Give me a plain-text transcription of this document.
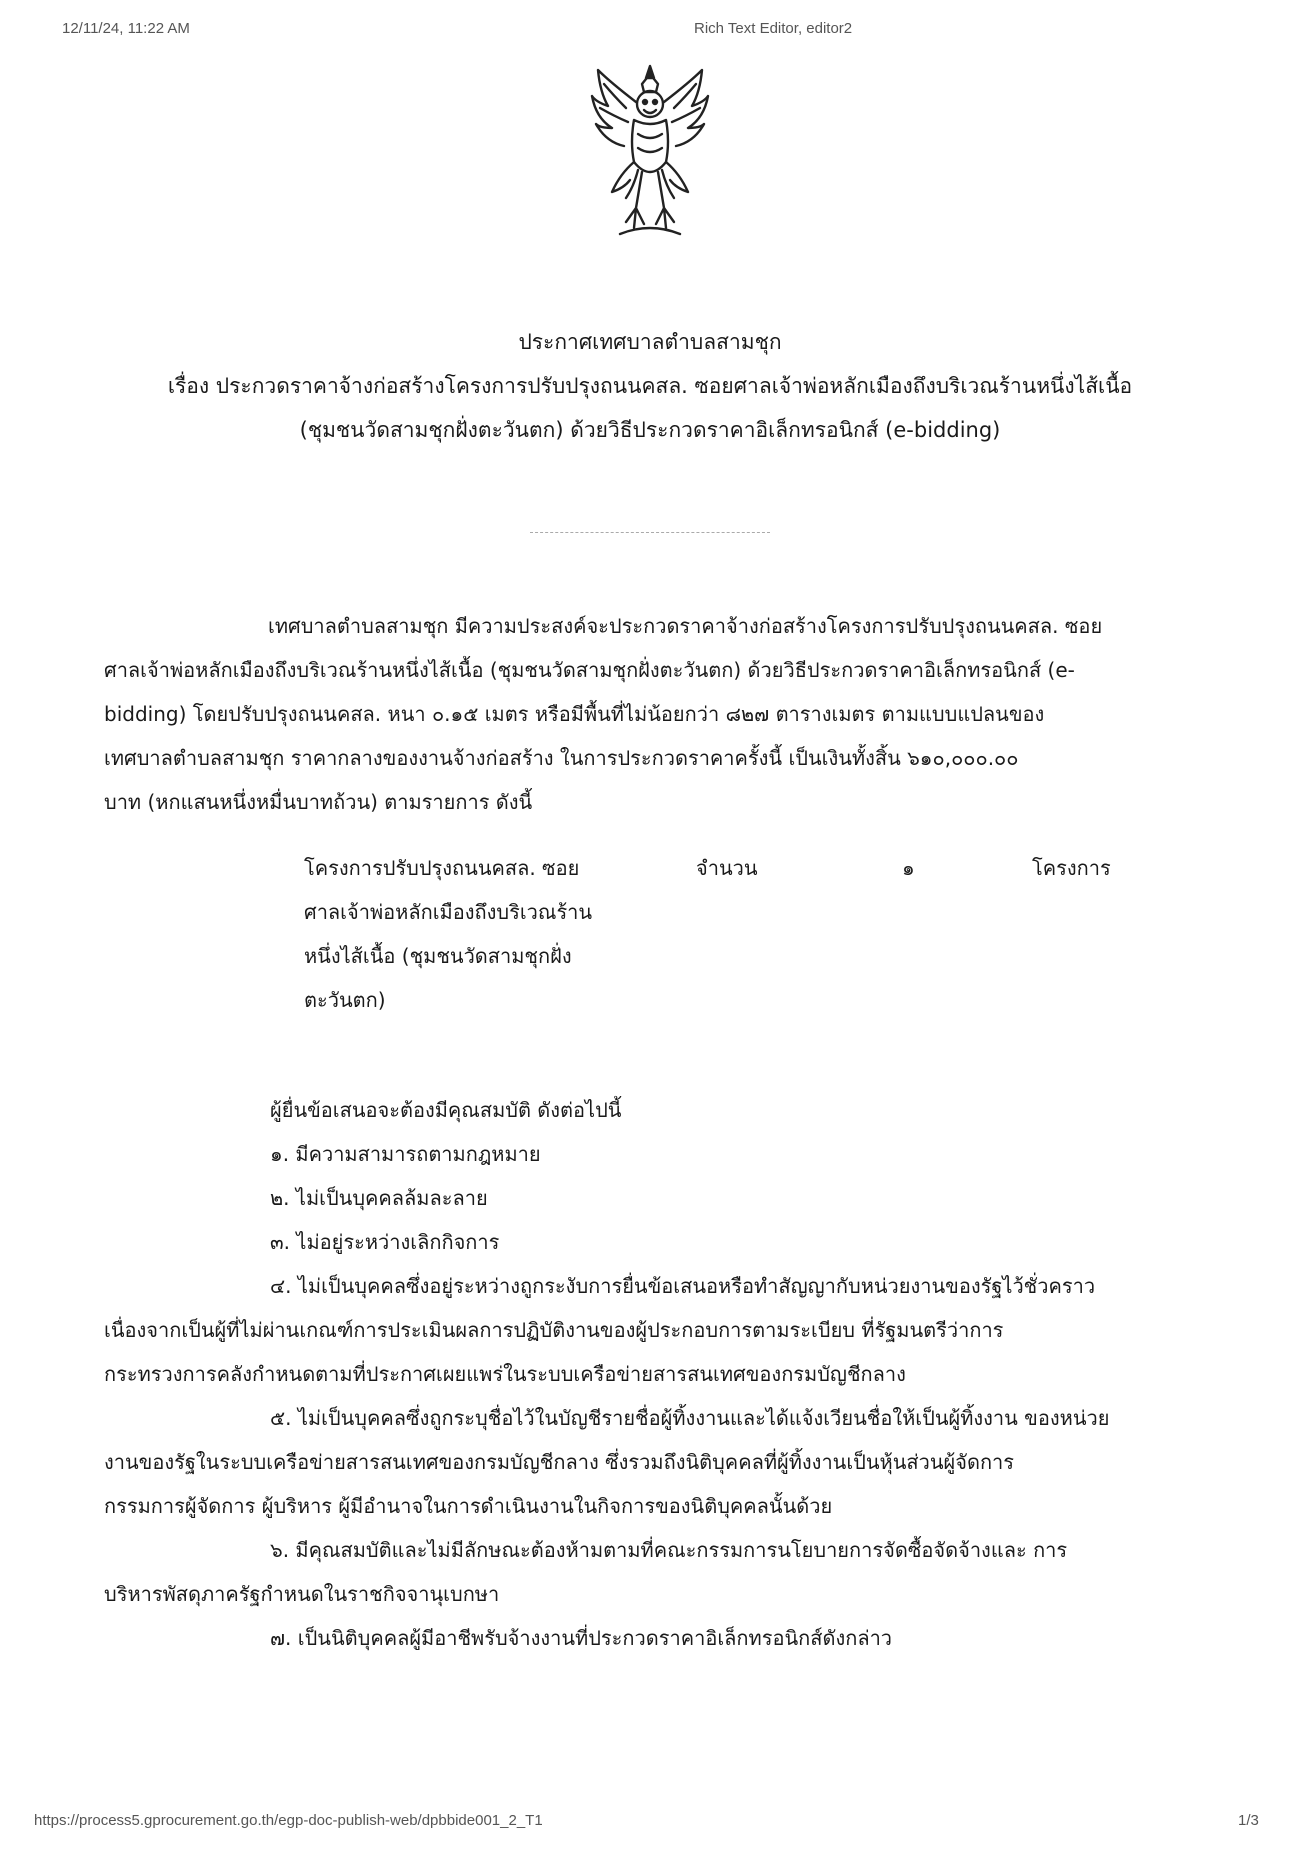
12/11/24, 11:22 AM	Rich Text Editor, editor2
ประกาศเทศบาลตำบลสามชุก
เรื่อง ประกวดราคาจ้างก่อสร้างโครงการปรับปรุงถนนคสล. ซอยศาลเจ้าพ่อหลักเมืองถึงบริเวณร้านหนึ่งไส้เนื้อ
(ชุมชนวัดสามชุกฝั่งตะวันตก) ด้วยวิธีประกวดราคาอิเล็กทรอนิกส์ (e-bidding)
เทศบาลตำบลสามชุก มีความประสงค์จะประกวดราคาจ้างก่อสร้างโครงการปรับปรุงถนนคสล. ซอย
ศาลเจ้าพ่อหลักเมืองถึงบริเวณร้านหนึ่งไส้เนื้อ (ชุมชนวัดสามชุกฝั่งตะวันตก) ด้วยวิธีประกวดราคาอิเล็กทรอนิกส์ (e-
bidding) โดยปรับปรุงถนนคสล. หนา ๐.๑๕ เมตร หรือมีพื้นที่ไม่น้อยกว่า ๘๒๗ ตารางเมตร ตามแบบแปลนของ
เทศบาลตำบลสามชุก ราคากลางของงานจ้างก่อสร้าง ในการประกวดราคาครั้งนี้ เป็นเงินทั้งสิ้น ๖๑๐,๐๐๐.๐๐
บาท (หกแสนหนึ่งหมื่นบาทถ้วน) ตามรายการ ดังนี้
โครงการปรับปรุงถนนคสล. ซอย
ศาลเจ้าพ่อหลักเมืองถึงบริเวณร้าน
หนึ่งไส้เนื้อ (ชุมชนวัดสามชุกฝั่ง
ตะวันตก)
จำนวน	๑	โครงการ
ผู้ยื่นข้อเสนอจะต้องมีคุณสมบัติ ดังต่อไปนี้
๑. มีความสามารถตามกฎหมาย
๒. ไม่เป็นบุคคลล้มละลาย
๓. ไม่อยู่ระหว่างเลิกกิจการ
๔. ไม่เป็นบุคคลซึ่งอยู่ระหว่างถูกระงับการยื่นข้อเสนอหรือทำสัญญากับหน่วยงานของรัฐไว้ชั่วคราว
เนื่องจากเป็นผู้ที่ไม่ผ่านเกณฑ์การประเมินผลการปฏิบัติงานของผู้ประกอบการตามระเบียบ ที่รัฐมนตรีว่าการ
กระทรวงการคลังกำหนดตามที่ประกาศเผยแพร่ในระบบเครือข่ายสารสนเทศของกรมบัญชีกลาง
๕. ไม่เป็นบุคคลซึ่งถูกระบุชื่อไว้ในบัญชีรายชื่อผู้ทิ้งงานและได้แจ้งเวียนชื่อให้เป็นผู้ทิ้งงาน ของหน่วย
งานของรัฐในระบบเครือข่ายสารสนเทศของกรมบัญชีกลาง ซึ่งรวมถึงนิติบุคคลที่ผู้ทิ้งงานเป็นหุ้นส่วนผู้จัดการ
กรรมการผู้จัดการ ผู้บริหาร ผู้มีอำนาจในการดำเนินงานในกิจการของนิติบุคคลนั้นด้วย
๖. มีคุณสมบัติและไม่มีลักษณะต้องห้ามตามที่คณะกรรมการนโยบายการจัดซื้อจัดจ้างและ การ
บริหารพัสดุภาครัฐกำหนดในราชกิจจานุเบกษา
๗. เป็นนิติบุคคลผู้มีอาชีพรับจ้างงานที่ประกวดราคาอิเล็กทรอนิกส์ดังกล่าว
https://process5.gprocurement.go.th/egp-doc-publish-web/dpbbide001_2_T1	1/3
